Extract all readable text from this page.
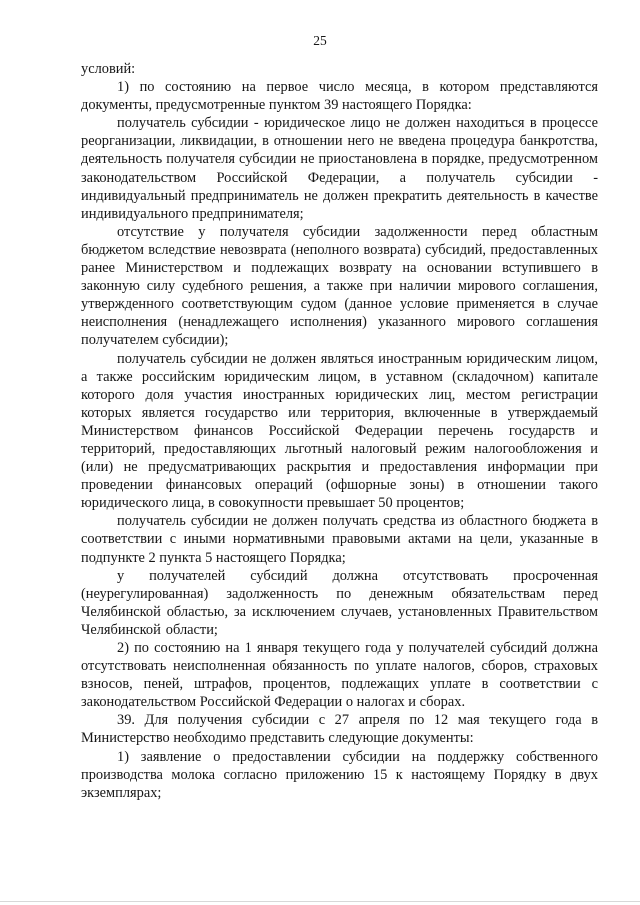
25

условий:

1) по состоянию на первое число месяца, в котором представляются документы, предусмотренные пунктом 39 настоящего Порядка:

получатель субсидии - юридическое лицо не должен находиться в процессе реорганизации, ликвидации, в отношении него не введена процедура банкротства, деятельность получателя субсидии не приостановлена в порядке, предусмотренном законодательством Российской Федерации, а получатель субсидии - индивидуальный предприниматель не должен прекратить деятельность в качестве индивидуального предпринимателя;

отсутствие у получателя субсидии задолженности перед областным бюджетом вследствие невозврата (неполного возврата) субсидий, предоставленных ранее Министерством и подлежащих возврату на основании вступившего в законную силу судебного решения, а также при наличии мирового соглашения, утвержденного соответствующим судом (данное условие применяется в случае неисполнения (ненадлежащего исполнения) указанного мирового соглашения получателем субсидии);

получатель субсидии не должен являться иностранным юридическим лицом, а также российским юридическим лицом, в уставном (складочном) капитале которого доля участия иностранных юридических лиц, местом регистрации которых является государство или территория, включенные в утверждаемый Министерством финансов Российской Федерации перечень государств и территорий, предоставляющих льготный налоговый режим налогообложения и (или) не предусматривающих раскрытия и предоставления информации при проведении финансовых операций (офшорные зоны) в отношении такого юридического лица, в совокупности превышает 50 процентов;

получатель субсидии не должен получать средства из областного бюджета в соответствии с иными нормативными правовыми актами на цели, указанные в подпункте 2 пункта 5 настоящего Порядка;

у получателей субсидий должна отсутствовать просроченная (неурегулированная) задолженность по денежным обязательствам перед Челябинской областью, за исключением случаев, установленных Правительством Челябинской области;

2) по состоянию на 1 января текущего года у получателей субсидий должна отсутствовать неисполненная обязанность по уплате налогов, сборов, страховых взносов, пеней, штрафов, процентов, подлежащих уплате в соответствии с законодательством Российской Федерации о налогах и сборах.

39. Для получения субсидии с 27 апреля по 12 мая текущего года в Министерство необходимо представить следующие документы:

1) заявление о предоставлении субсидии на поддержку собственного производства молока согласно приложению 15 к настоящему Порядку в двух экземплярах;
